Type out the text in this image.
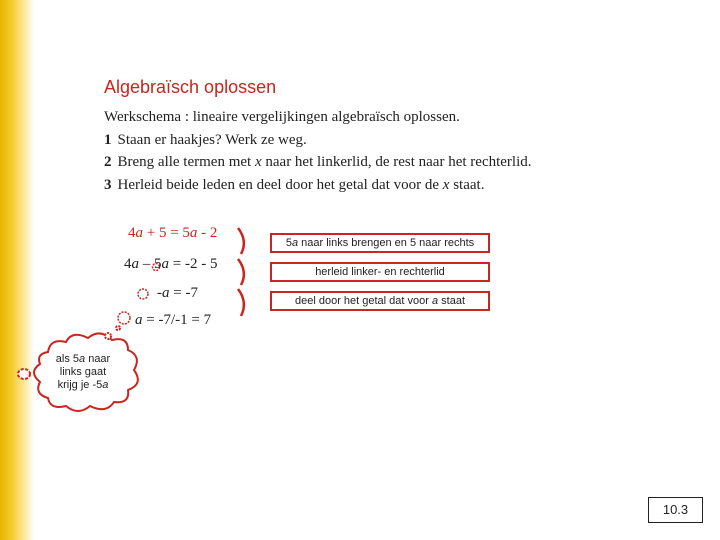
Algebraïsch oplossen
Werkschema : lineaire vergelijkingen algebraïsch oplossen.
1 Staan er haakjes? Werk ze weg.
2 Breng alle termen met x naar het linkerlid, de rest naar het rechterlid.
3 Herleid beide leden en deel door het getal dat voor de x staat.
4a + 5 = 5a - 2
4a – 5a = -2 - 5
-a = -7
a = -7/-1 = 7
5a naar links brengen en 5 naar rechts
herleid linker- en rechterlid
deel door het getal dat voor a staat
als 5a naar
links gaat
krijg je -5a
10.3
